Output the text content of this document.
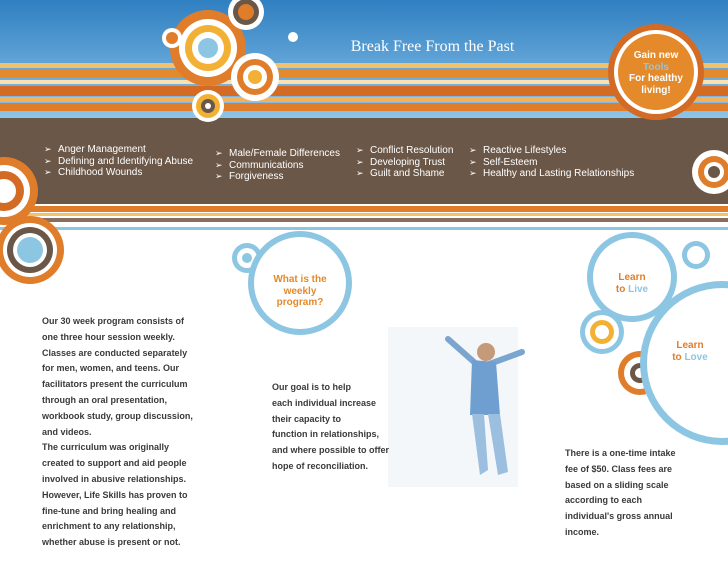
Break Free From the Past
Gain new
Tools
For healthy
living!
➢ Anger Management
➢ Defining and Identifying Abuse
➢ Childhood Wounds
➢ Male/Female Differences
➢ Communications
➢ Forgiveness
➢ Conflict Resolution
➢ Developing Trust
➢ Guilt and Shame
➢ Reactive Lifestyles
➢ Self-Esteem
➢ Healthy and Lasting Relationships
What is the
weekly
program?
Learn
to Live
Learn
to Love
Our 30 week program consists of
one three hour session weekly.
Classes are conducted separately
for men, women, and teens. Our
facilitators present the curriculum
through an oral presentation,
workbook study, group discussion,
and videos.
The curriculum was originally
created to support and aid people
involved in abusive relationships.
However, Life Skills has proven to
fine-tune and bring healing and
enrichment to any relationship,
whether abuse is present or not.
Our goal is to help
each individual increase
their capacity to
function in relationships,
and where possible to offer
hope of reconciliation.
There is a one-time intake
fee of $50. Class fees are
based on a sliding scale
according to each
individual's gross annual
income.
